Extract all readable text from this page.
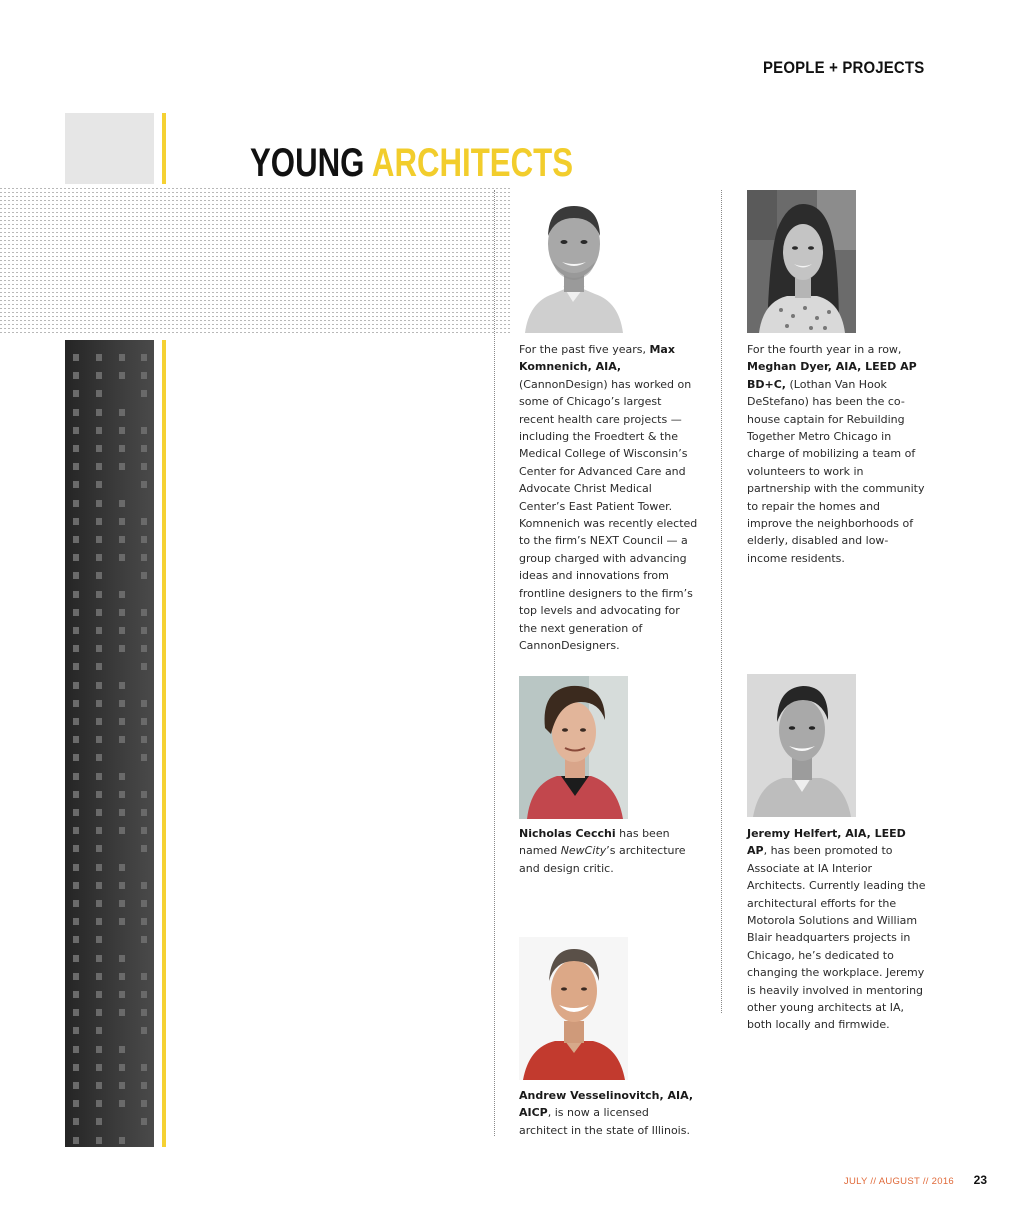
PEOPLE + PROJECTS
YOUNG ARCHITECTS
For the past five years, Max Komnenich, AIA, (CannonDesign) has worked on some of Chicago’s largest recent health care projects — including the Froedtert & the Medical College of Wisconsin’s Center for Advanced Care and Advocate Christ Medical Center’s East Patient Tower. Komnenich was recently elected to the firm’s NEXT Council — a group charged with advancing ideas and innovations from frontline designers to the firm’s top levels and advocating for the next generation of CannonDesigners.
For the fourth year in a row, Meghan Dyer, AIA, LEED AP BD+C, (Lothan Van Hook DeStefano) has been the co-house captain for Rebuilding Together Metro Chicago in charge of mobilizing a team of volunteers to work in partnership with the community to repair the homes and improve the neighborhoods of elderly, disabled and low-income residents.
Nicholas Cecchi has been named NewCity’s architecture and design critic.
Jeremy Helfert, AIA, LEED AP, has been promoted to Associate at IA Interior Architects. Currently leading the architectural efforts for the Motorola Solutions and William Blair headquarters projects in Chicago, he’s dedicated to changing the workplace. Jeremy is heavily involved in mentoring other young architects at IA, both locally and firmwide.
Andrew Vesselinovitch, AIA, AICP, is now a licensed architect in the state of Illinois.
JULY // AUGUST // 2016 23
